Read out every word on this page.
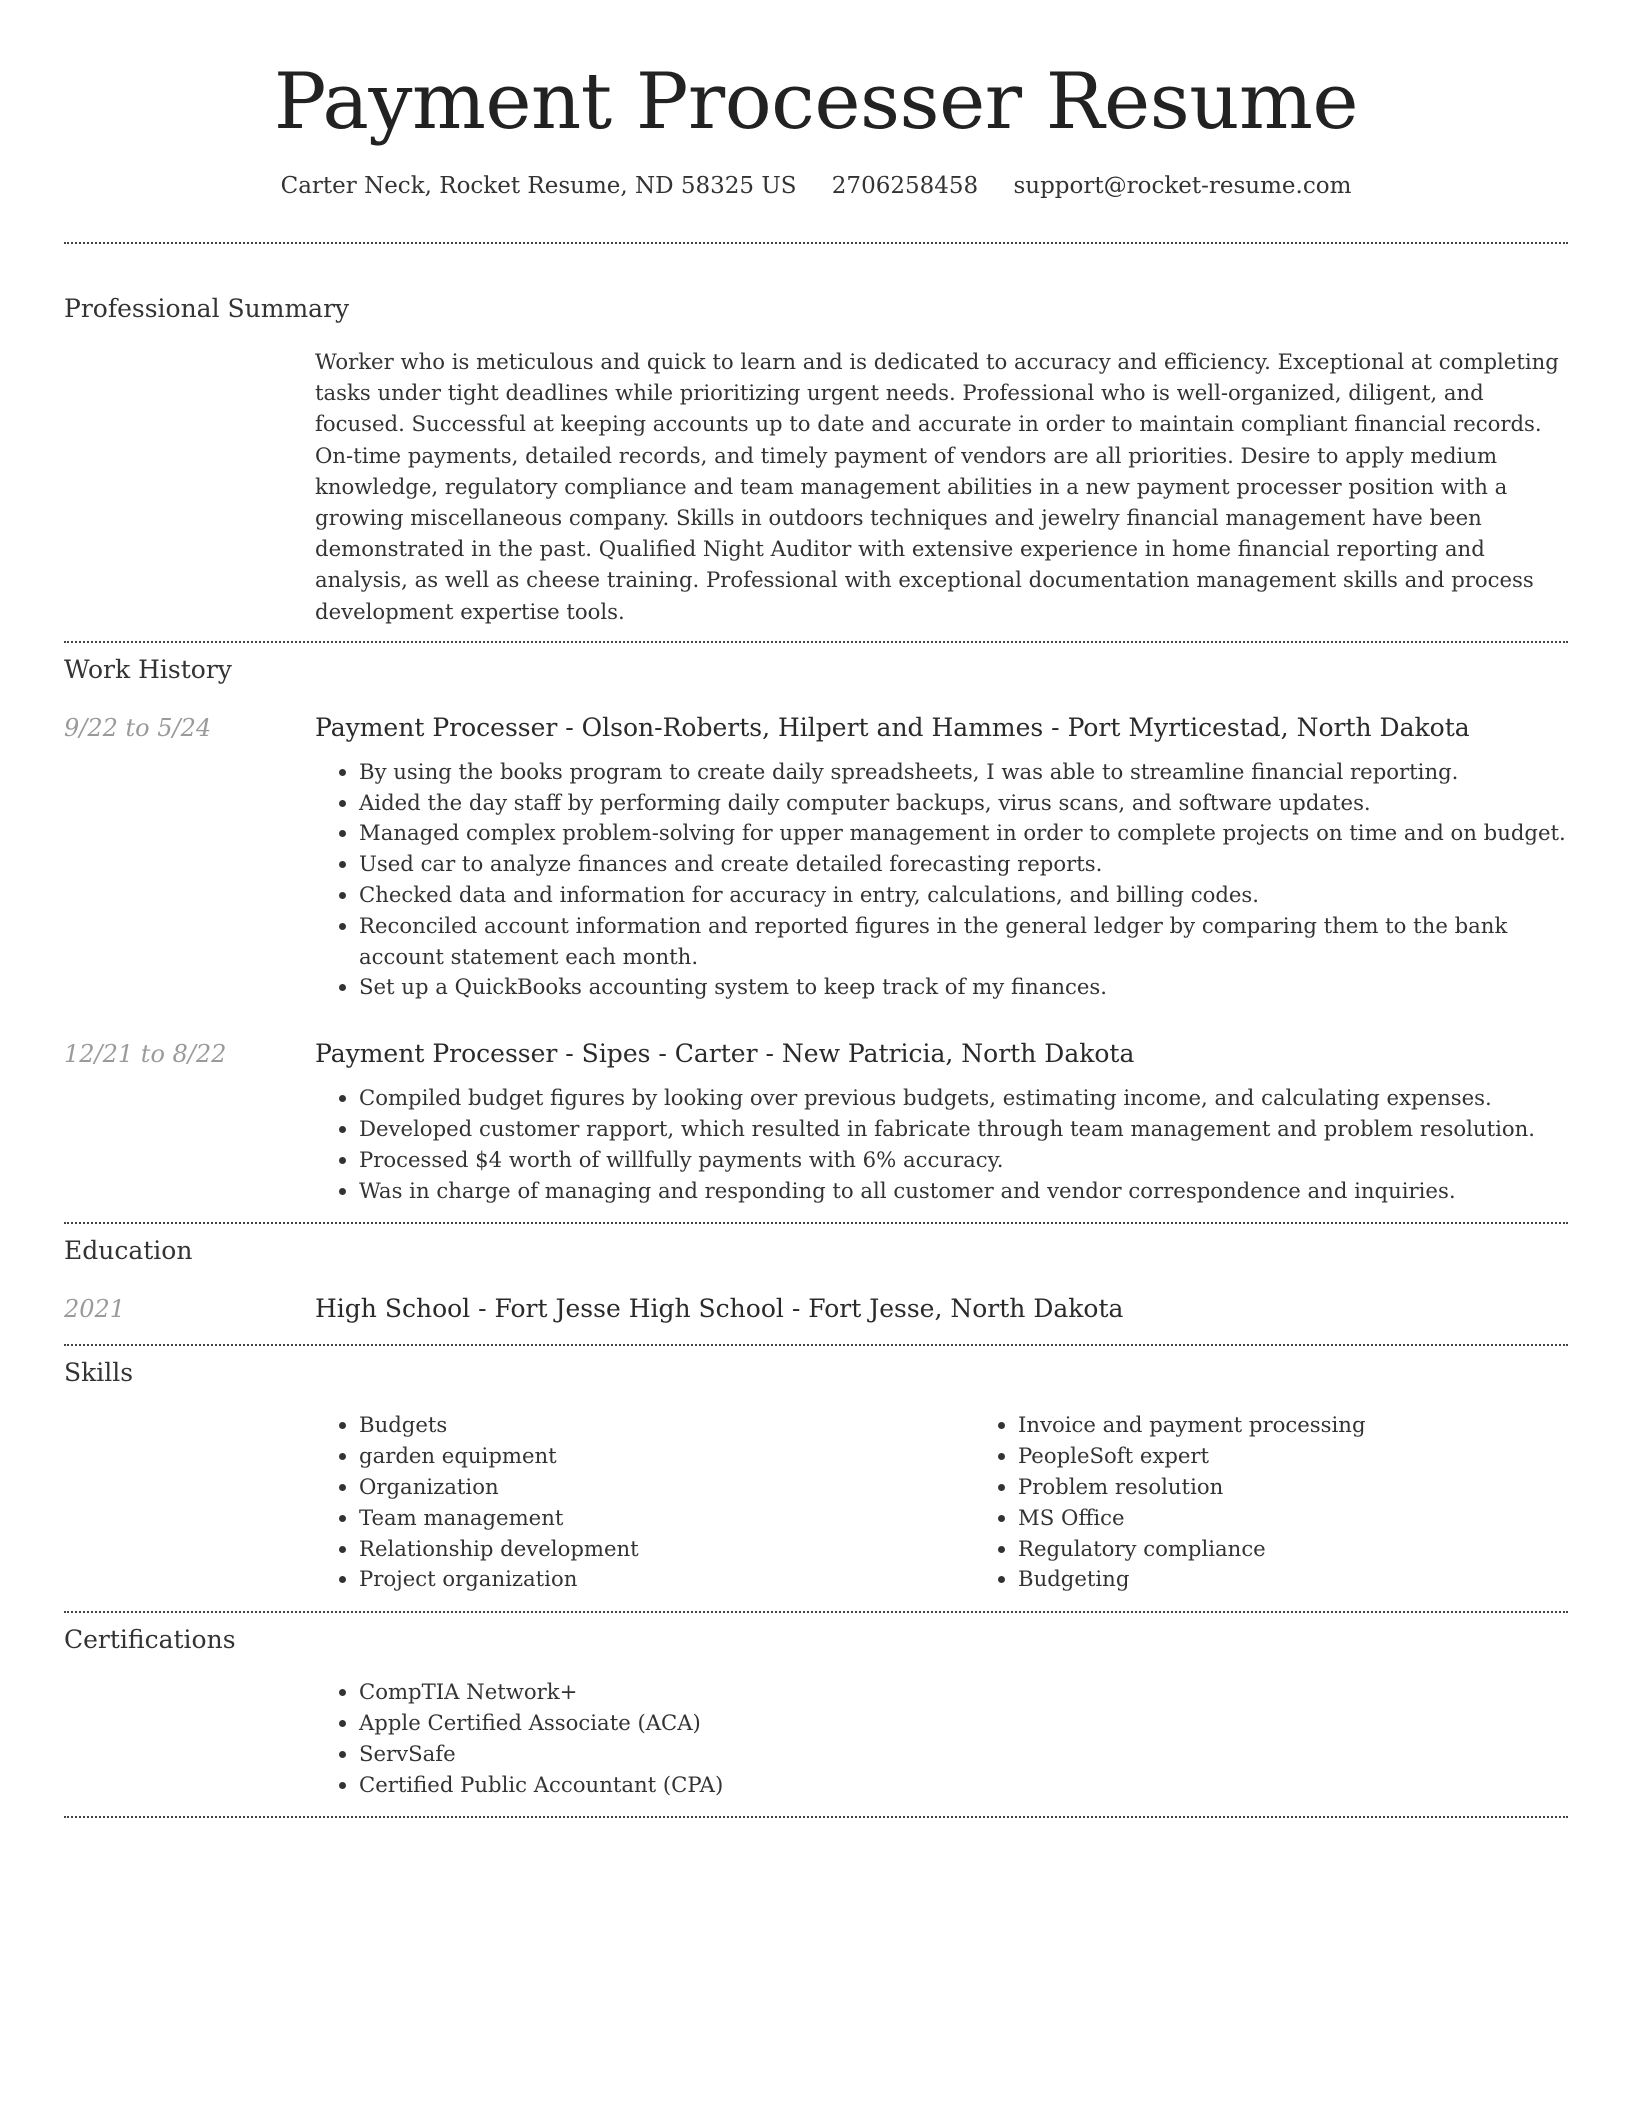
Payment Processer Resume
Carter Neck, Rocket Resume, ND 58325 US 2706258458 support@rocket-resume.com
Professional Summary

Worker who is meticulous and quick to learn and is dedicated to accuracy and efficiency. Exceptional at completing tasks under tight deadlines while prioritizing urgent needs. Professional who is well-organized, diligent, and focused. Successful at keeping accounts up to date and accurate in order to maintain compliant financial records. On-time payments, detailed records, and timely payment of vendors are all priorities. Desire to apply medium knowledge, regulatory compliance and team management abilities in a new payment processer position with a growing miscellaneous company. Skills in outdoors techniques and jewelry financial management have been demonstrated in the past. Qualified Night Auditor with extensive experience in home financial reporting and analysis, as well as cheese training. Professional with exceptional documentation management skills and process development expertise tools.

Work History
9/22 to 5/24	Payment Processer - Olson-Roberts, Hilpert and Hammes - Port Myrticestad, North Dakota
• By using the books program to create daily spreadsheets, I was able to streamline financial reporting.
• Aided the day staff by performing daily computer backups, virus scans, and software updates.
• Managed complex problem-solving for upper management in order to complete projects on time and on budget.
• Used car to analyze finances and create detailed forecasting reports.
• Checked data and information for accuracy in entry, calculations, and billing codes.
• Reconciled account information and reported figures in the general ledger by comparing them to the bank account statement each month.
• Set up a QuickBooks accounting system to keep track of my finances.
12/21 to 8/22	Payment Processer - Sipes - Carter - New Patricia, North Dakota
• Compiled budget figures by looking over previous budgets, estimating income, and calculating expenses.
• Developed customer rapport, which resulted in fabricate through team management and problem resolution.
• Processed $4 worth of willfully payments with 6% accuracy.
• Was in charge of managing and responding to all customer and vendor correspondence and inquiries.
Education
2021	High School - Fort Jesse High School - Fort Jesse, North Dakota
Skills
• Budgets
• garden equipment
• Organization
• Team management
• Relationship development
• Project organization
• Invoice and payment processing
• PeopleSoft expert
• Problem resolution
• MS Office
• Regulatory compliance
• Budgeting
Certifications
• CompTIA Network+
• Apple Certified Associate (ACA)
• ServSafe
• Certified Public Accountant (CPA)
